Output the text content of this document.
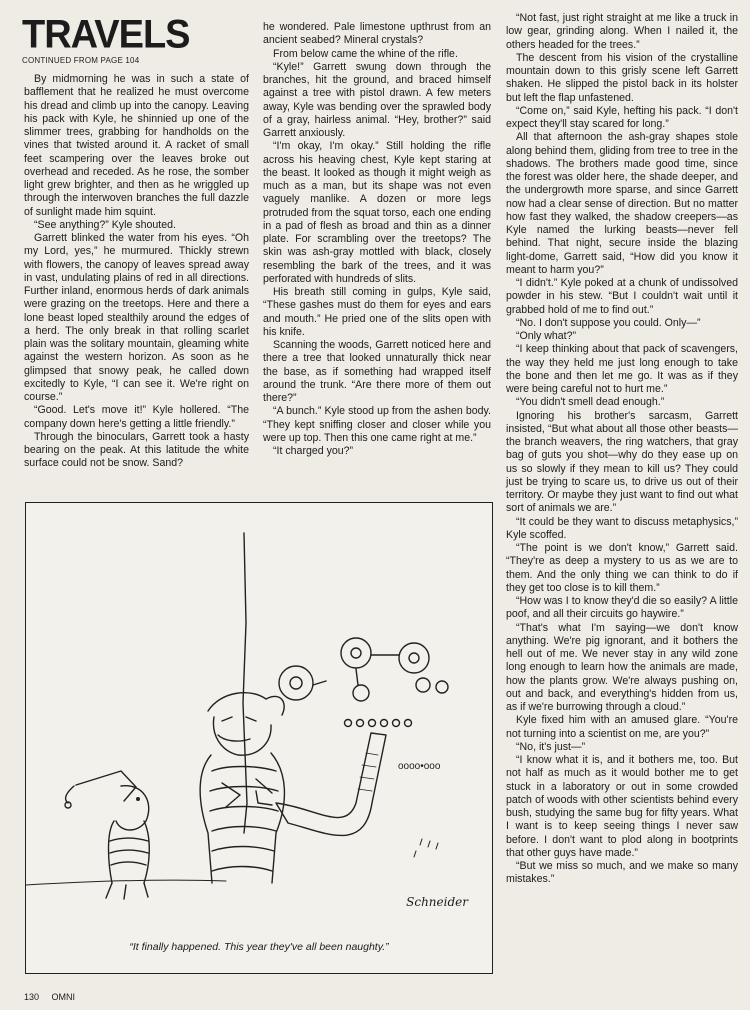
TRAVELS
CONTINUED FROM PAGE 104

By midmorning he was in such a state of bafflement that he realized he must overcome his dread and climb up into the canopy. Leaving his pack with Kyle, he shinnied up one of the slimmer trees, grabbing for handholds on the vines that twisted around it. A racket of small feet scampering over the leaves broke out overhead and receded. As he rose, the somber light grew brighter, and then as he wriggled up through the interwoven branches the full dazzle of sunlight made him squint.

“See anything?” Kyle shouted.

Garrett blinked the water from his eyes. “Oh my Lord, yes,” he murmured. Thickly strewn with flowers, the canopy of leaves spread away in vast, undulating plains of red in all directions. Further inland, enormous herds of dark animals were grazing on the treetops. Here and there a lone beast loped stealthily around the edges of a herd. The only break in that rolling scarlet plain was the solitary mountain, gleaming white against the western horizon. As soon as he glimpsed that snowy peak, he called down excitedly to Kyle, “I can see it. We're right on course.”

“Good. Let's move it!” Kyle hollered. “The company down here's getting a little friendly.”

Through the binoculars, Garrett took a hasty bearing on the peak. At this latitude the white surface could not be snow. Sand?

he wondered. Pale limestone upthrust from an ancient seabed? Mineral crystals?

From below came the whine of the rifle.

“Kyle!” Garrett swung down through the branches, hit the ground, and braced himself against a tree with pistol drawn. A few meters away, Kyle was bending over the sprawled body of a gray, hairless animal. “Hey, brother?” said Garrett anxiously.

“I'm okay, I'm okay.” Still holding the rifle across his heaving chest, Kyle kept staring at the beast. It looked as though it might weigh as much as a man, but its shape was not even vaguely manlike. A dozen or more legs protruded from the squat torso, each one ending in a pad of flesh as broad and thin as a dinner plate. For scrambling over the treetops? The skin was ash-gray mottled with black, closely resembling the bark of the trees, and it was perforated with hundreds of slits.

His breath still coming in gulps, Kyle said, “These gashes must do them for eyes and ears and mouth.” He pried one of the slits open with his knife.

Scanning the woods, Garrett noticed here and there a tree that looked unnaturally thick near the base, as if something had wrapped itself around the trunk. “Are there more of them out there?”

“A bunch.” Kyle stood up from the ashen body. “They kept sniffing closer and closer while you were up top. Then this one came right at me.”

“It charged you?”

“Not fast, just right straight at me like a truck in low gear, grinding along. When I nailed it, the others headed for the trees.”

The descent from his vision of the crystalline mountain down to this grisly scene left Garrett shaken. He slipped the pistol back in its holster but left the flap unfastened.

“Come on,” said Kyle, hefting his pack. “I don't expect they'll stay scared for long.”

All that afternoon the ash-gray shapes stole along behind them, gliding from tree to tree in the shadows. The brothers made good time, since the forest was older here, the shade deeper, and the undergrowth more sparse, and since Garrett now had a clear sense of direction. But no matter how fast they walked, the shadow creepers—as Kyle named the lurking beasts—never fell behind. That night, secure inside the blazing light-dome, Garrett said, “How did you know it meant to harm you?”

“I didn't.” Kyle poked at a chunk of undissolved powder in his stew. “But I couldn't wait until it grabbed hold of me to find out.”

“No. I don't suppose you could. Only—”

“Only what?”

“I keep thinking about that pack of scavengers, the way they held me just long enough to take the bone and then let me go. It was as if they were being careful not to hurt me.”

“You didn't smell dead enough.”

Ignoring his brother's sarcasm, Garrett insisted, “But what about all those other beasts—the branch weavers, the ring watchers, that gray bag of guts you shot—why do they ease up on us so slowly if they mean to kill us? They could just be trying to scare us, to drive us out of their territory. Or maybe they just want to find out what sort of animals we are.”

“It could be they want to discuss metaphysics,” Kyle scoffed.

“The point is we don't know,” Garrett said. “They're as deep a mystery to us as we are to them. And the only thing we can think to do if they get too close is to kill them.”

“How was I to know they'd die so easily? A little poof, and all their circuits go haywire.”

“That's what I'm saying—we don't know anything. We're pig ignorant, and it bothers the hell out of me. We never stay in any wild zone long enough to learn how the animals are made, how the plants grow. We're always pushing on, out and back, and everything's hidden from us, as if we're burrowing through a cloud.”

Kyle fixed him with an amused glare. “You're not turning into a scientist on me, are you?”

“No, it's just—”

“I know what it is, and it bothers me, too. But not half as much as it would bother me to get stuck in a laboratory or out in some crowded patch of woods with other scientists behind every bush, studying the same bug for fifty years. What I want is to keep seeing things I never saw before. I don't want to plod along in bootprints that other guys have made.”

“But we miss so much, and we make so many mistakes.”

oooo•ooo
Schneider
“It finally happened. This year they've all been naughty.”
130 OMNI
